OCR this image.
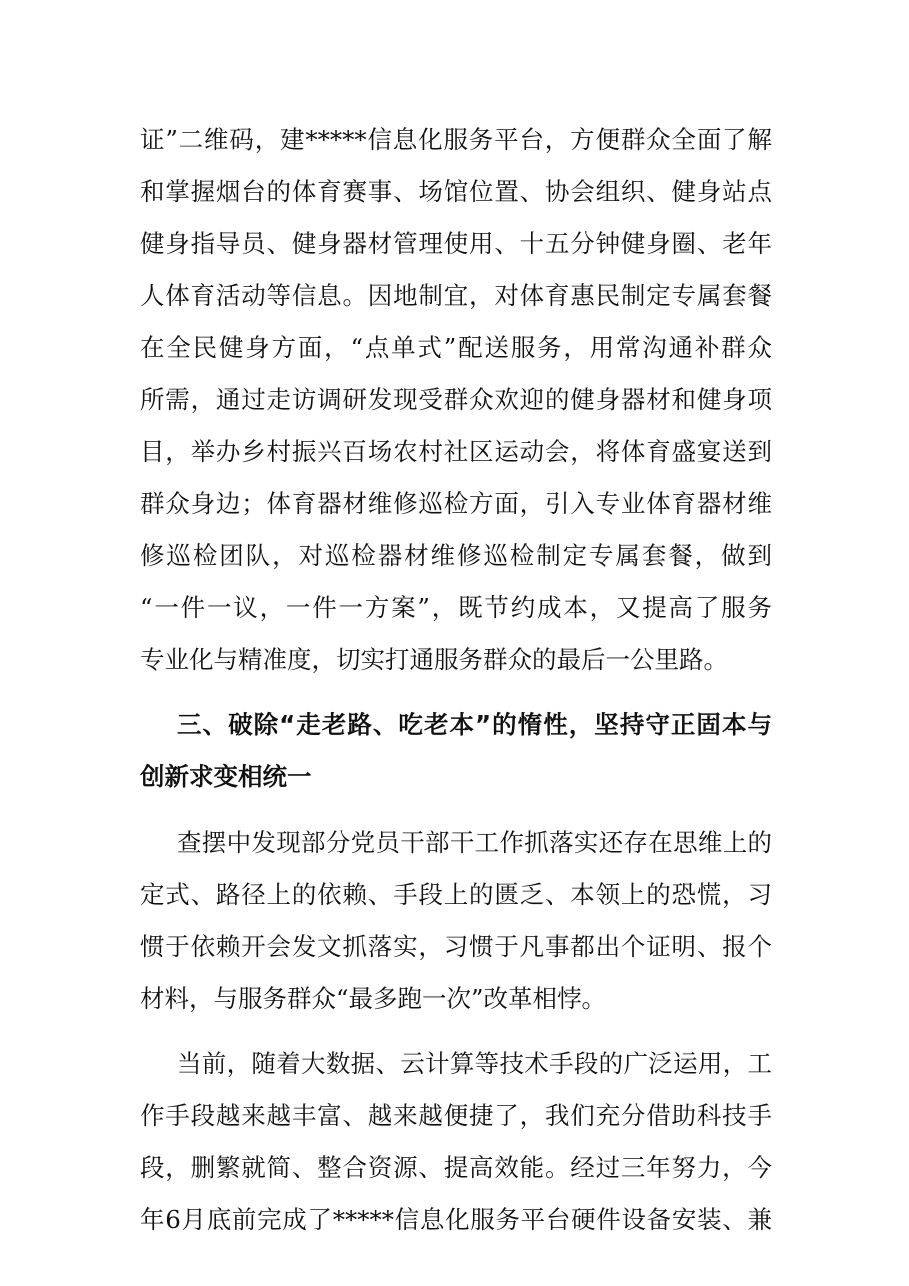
证”二维码，建*****信息化服务平台，方便群众全面了解
和掌握烟台的体育赛事、场馆位置、协会组织、健身站点
健身指导员、健身器材管理使用、十五分钟健身圈、老年
人体育活动等信息。因地制宜，对体育惠民制定专属套餐
在全民健身方面，“点单式”配送服务，用常沟通补群众
所需，通过走访调研发现受群众欢迎的健身器材和健身项
目，举办乡村振兴百场农村社区运动会，将体育盛宴送到
群众身边；体育器材维修巡检方面，引入专业体育器材维
修巡检团队，对巡检器材维修巡检制定专属套餐，做到
“一件一议，一件一方案”，既节约成本，又提高了服务
专业化与精准度，切实打通服务群众的最后一公里路。
三、破除“走老路、吃老本”的惰性，坚持守正固本与
创新求变相统一
查摆中发现部分党员干部干工作抓落实还存在思维上的
定式、路径上的依赖、手段上的匮乏、本领上的恐慌，习
惯于依赖开会发文抓落实，习惯于凡事都出个证明、报个
材料，与服务群众“最多跑一次”改革相悖。
当前，随着大数据、云计算等技术手段的广泛运用，工
作手段越来越丰富、越来越便捷了，我们充分借助科技手
段，删繁就简、整合资源、提高效能。经过三年努力，今
年6月底前完成了*****信息化服务平台硬件设备安装、兼
